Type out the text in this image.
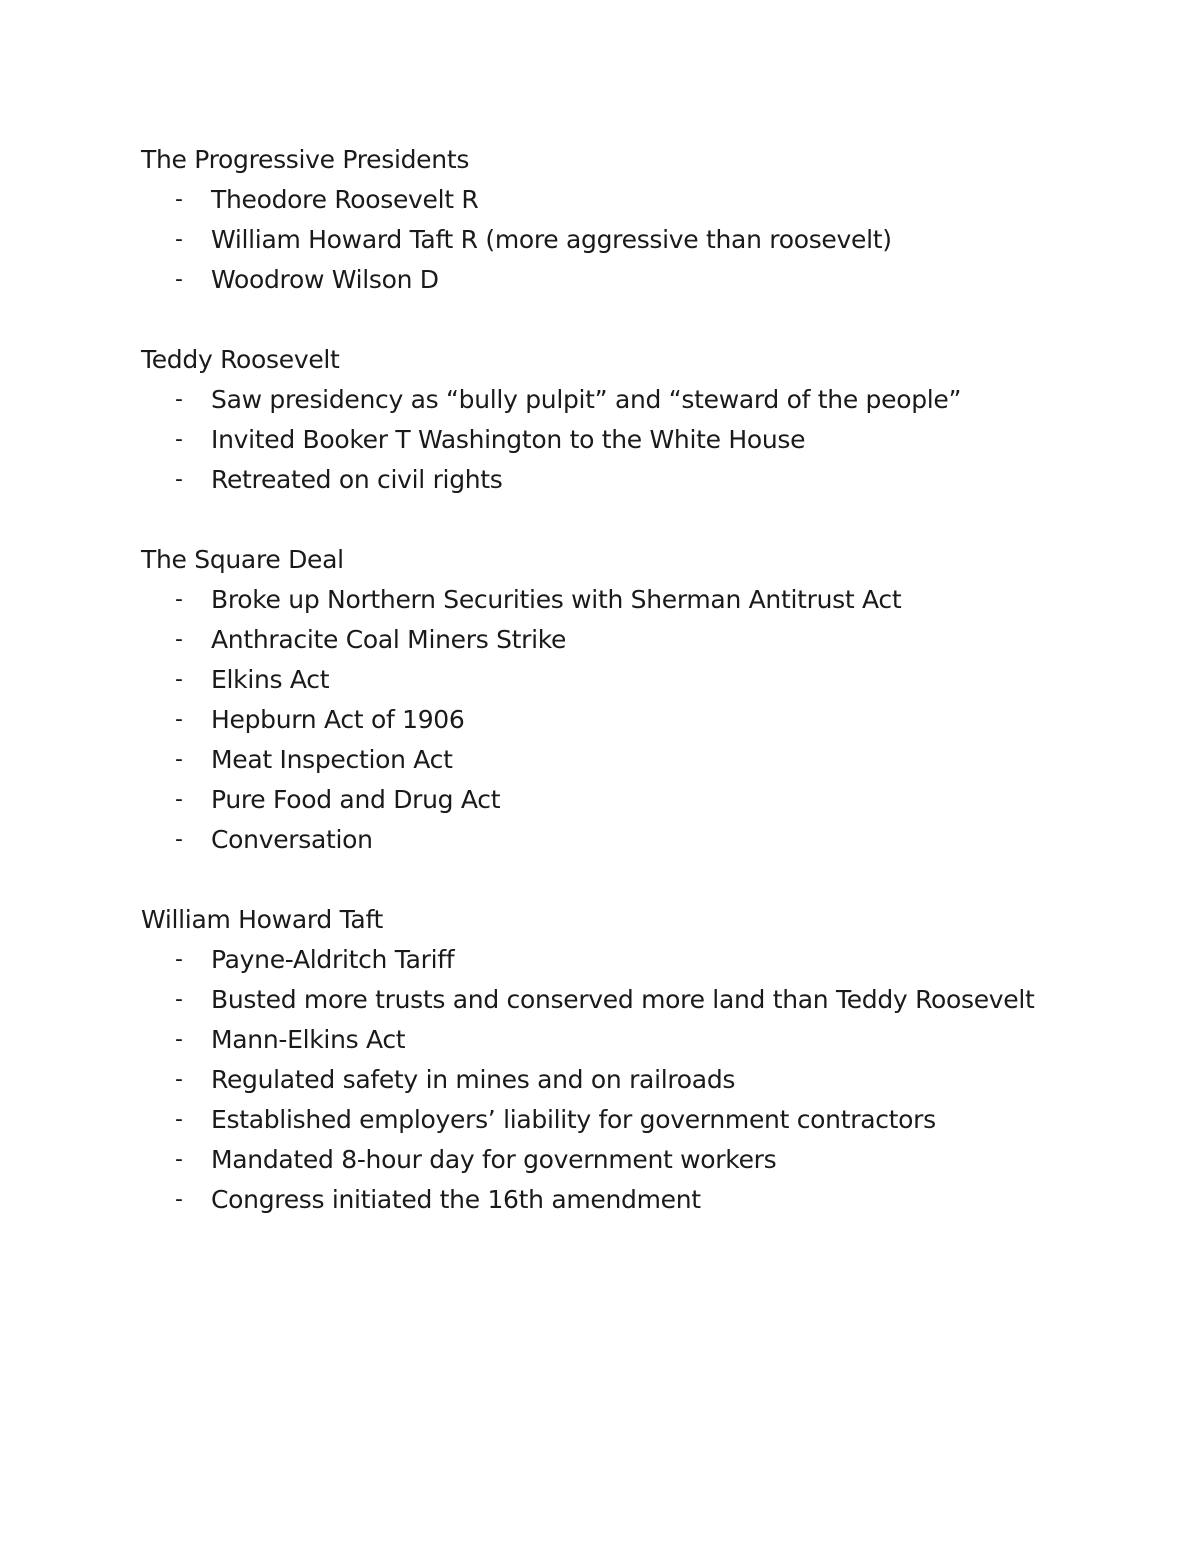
The Progressive Presidents
- Theodore Roosevelt R
- William Howard Taft R (more aggressive than roosevelt)
- Woodrow Wilson D
Teddy Roosevelt
- Saw presidency as “bully pulpit” and “steward of the people”
- Invited Booker T Washington to the White House
- Retreated on civil rights
The Square Deal
- Broke up Northern Securities with Sherman Antitrust Act
- Anthracite Coal Miners Strike
- Elkins Act
- Hepburn Act of 1906
- Meat Inspection Act
- Pure Food and Drug Act
- Conversation
William Howard Taft
- Payne-Aldritch Tariff
- Busted more trusts and conserved more land than Teddy Roosevelt
- Mann-Elkins Act
- Regulated safety in mines and on railroads
- Established employers’ liability for government contractors
- Mandated 8-hour day for government workers
- Congress initiated the 16th amendment
